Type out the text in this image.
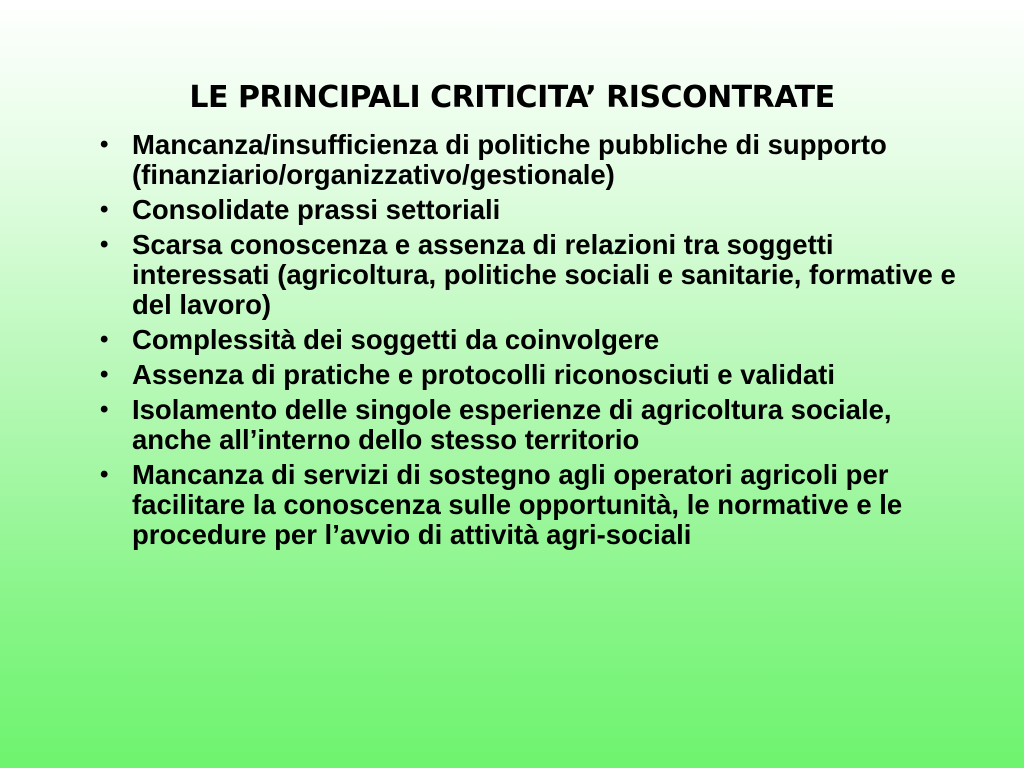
LE PRINCIPALI CRITICITA’ RISCONTRATE
• Mancanza/insufficienza di politiche pubbliche di supporto (finanziario/organizzativo/gestionale)
• Consolidate prassi settoriali
• Scarsa conoscenza e assenza di relazioni tra soggetti interessati (agricoltura, politiche sociali e sanitarie, formative e del lavoro)
• Complessità dei soggetti da coinvolgere
• Assenza di pratiche e protocolli riconosciuti e validati
• Isolamento delle singole esperienze di agricoltura sociale, anche all’interno dello stesso territorio
• Mancanza di servizi di sostegno agli operatori agricoli per facilitare la conoscenza sulle opportunità, le normative e le procedure per l’avvio di attività agri-sociali
